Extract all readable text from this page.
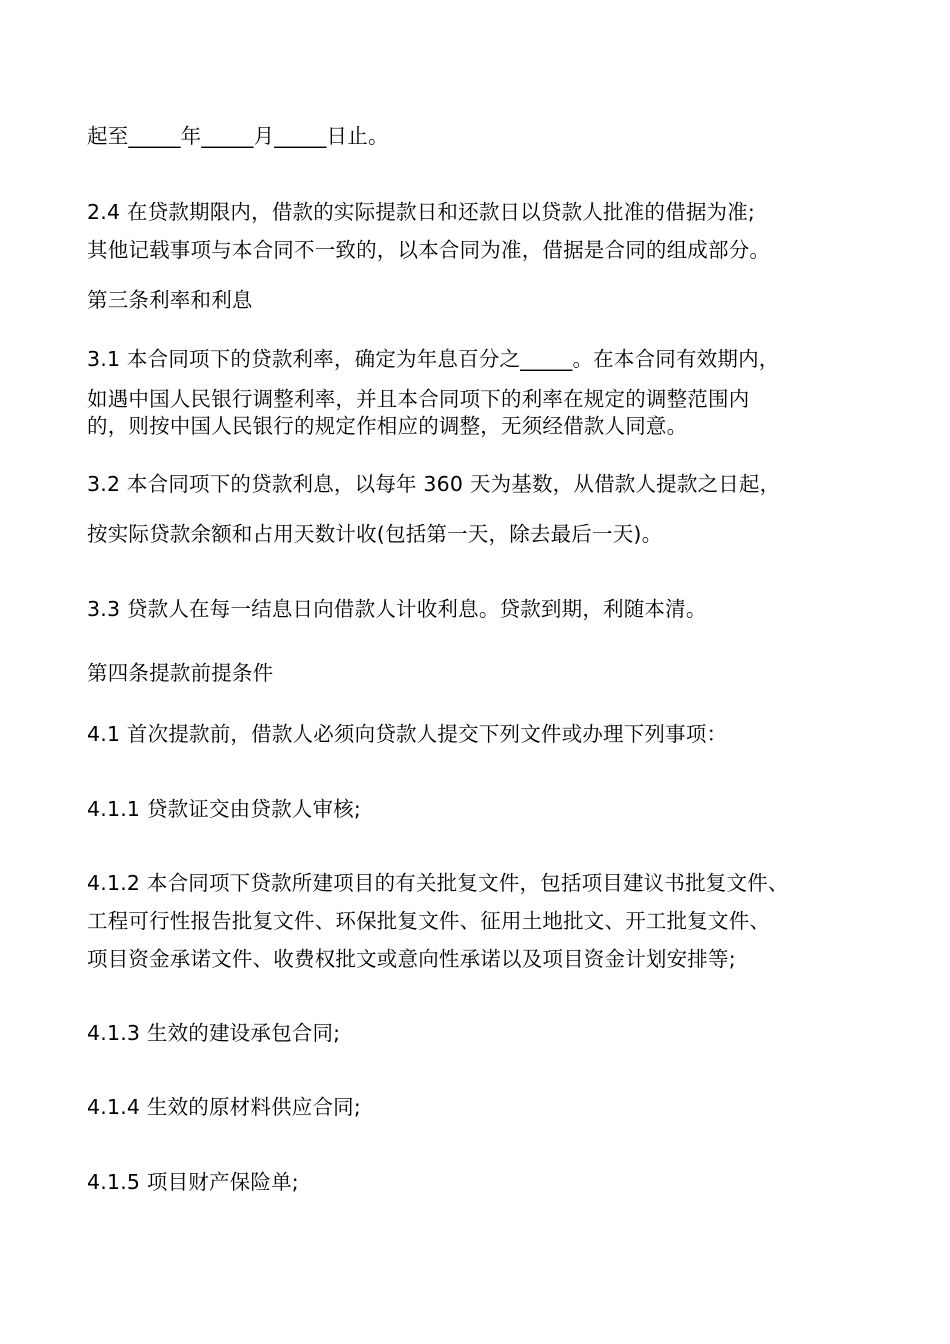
起至_____年_____月_____日止。
2.4 在贷款期限内，借款的实际提款日和还款日以贷款人批准的借据为准;
其他记载事项与本合同不一致的，以本合同为准，借据是合同的组成部分。
第三条利率和利息
3.1 本合同项下的贷款利率，确定为年息百分之_____。在本合同有效期内，
如遇中国人民银行调整利率，并且本合同项下的利率在规定的调整范围内
的，则按中国人民银行的规定作相应的调整，无须经借款人同意。
3.2 本合同项下的贷款利息，以每年 360 天为基数，从借款人提款之日起，
按实际贷款余额和占用天数计收(包括第一天，除去最后一天)。
3.3 贷款人在每一结息日向借款人计收利息。贷款到期，利随本清。
第四条提款前提条件
4.1 首次提款前，借款人必须向贷款人提交下列文件或办理下列事项：
4.1.1 贷款证交由贷款人审核;
4.1.2 本合同项下贷款所建项目的有关批复文件，包括项目建议书批复文件、
工程可行性报告批复文件、环保批复文件、征用土地批文、开工批复文件、
项目资金承诺文件、收费权批文或意向性承诺以及项目资金计划安排等;
4.1.3 生效的建设承包合同;
4.1.4 生效的原材料供应合同;
4.1.5 项目财产保险单;
